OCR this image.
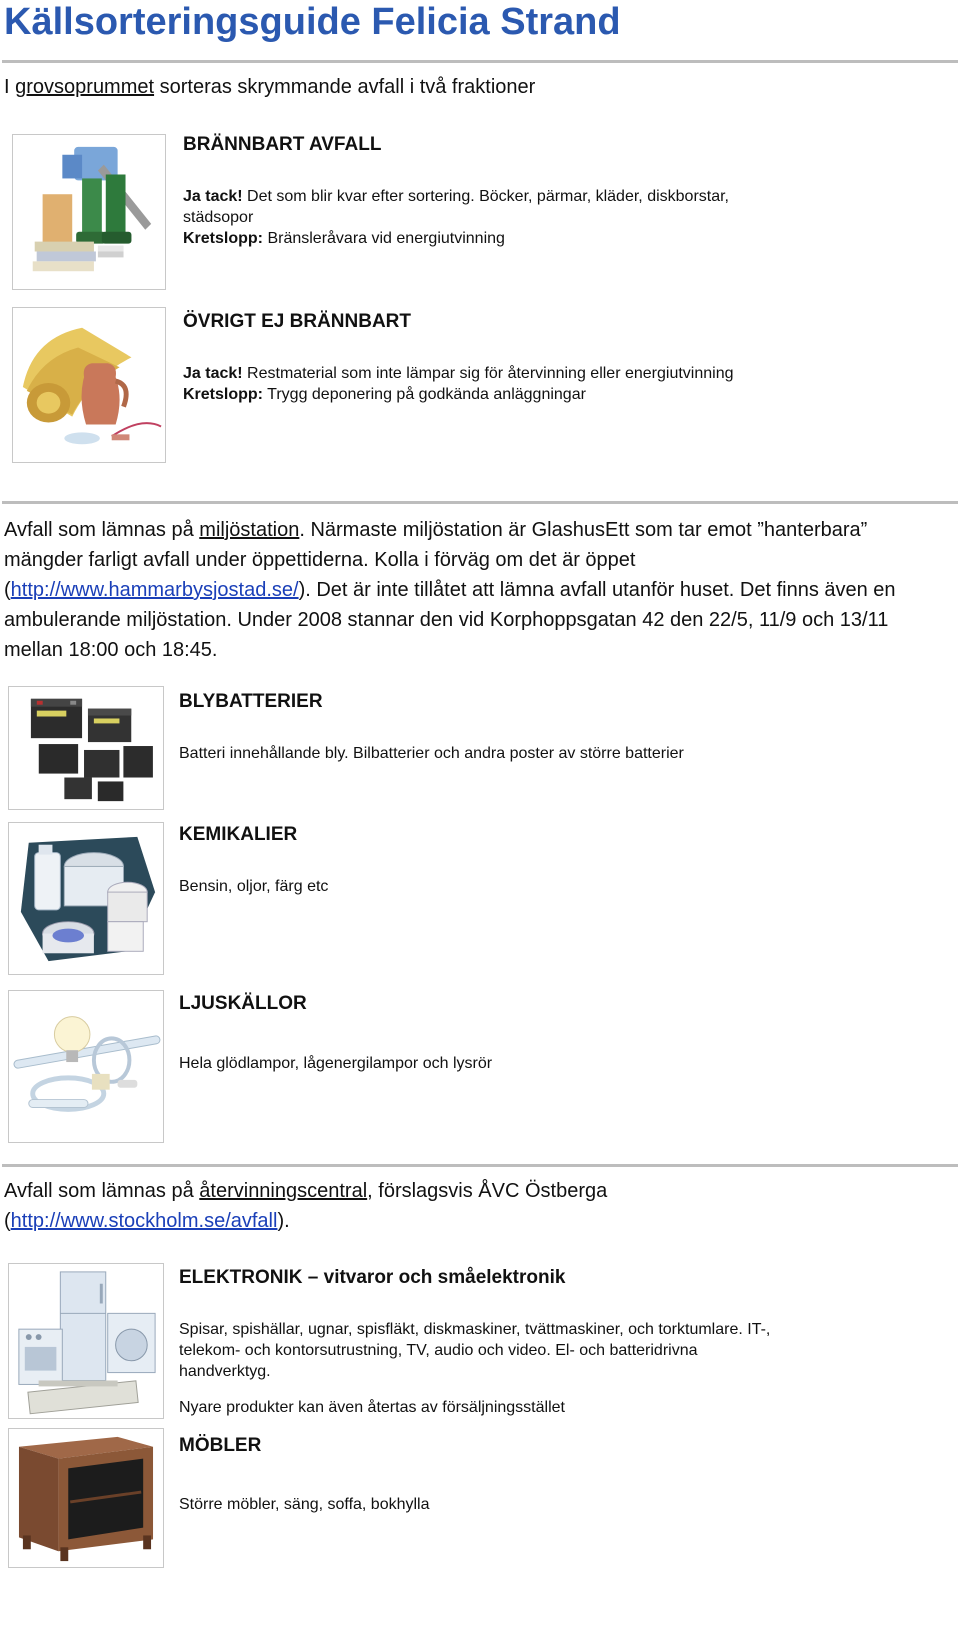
Källsorteringsguide Felicia Strand
I grovsoprummet sorteras skrymmande avfall i två fraktioner
BRÄNNBART AVFALL
Ja tack! Det som blir kvar efter sortering. Böcker, pärmar, kläder, diskborstar, städsopor
Kretslopp: Bränsleråvara vid energiutvinning
ÖVRIGT EJ BRÄNNBART
Ja tack! Restmaterial som inte lämpar sig för återvinning eller energiutvinning
Kretslopp: Trygg deponering på godkända anläggningar
Avfall som lämnas på miljöstation. Närmaste miljöstation är GlashusEtt som tar emot ”hanterbara” mängder farligt avfall under öppettiderna. Kolla i förväg om det är öppet (http://www.hammarbysjostad.se/). Det är inte tillåtet att lämna avfall utanför huset. Det finns även en ambulerande miljöstation. Under 2008 stannar den vid Korphoppsgatan 42 den 22/5, 11/9 och 13/11 mellan 18:00 och 18:45.
BLYBATTERIER
Batteri innehållande bly. Bilbatterier och andra poster av större batterier
KEMIKALIER
Bensin, oljor, färg etc
LJUSKÄLLOR
Hela glödlampor, lågenergilampor och lysrör
Avfall som lämnas på återvinningscentral, förslagsvis ÅVC Östberga (http://www.stockholm.se/avfall).
ELEKTRONIK – vitvaror och småelektronik
Spisar, spishällar, ugnar, spisfläkt, diskmaskiner, tvättmaskiner, och torktumlare. IT-, telekom- och kontorsutrustning, TV, audio och video. El- och batteridrivna handverktyg.
Nyare produkter kan även återtas av försäljningsstället
MÖBLER
Större möbler, säng, soffa, bokhylla
